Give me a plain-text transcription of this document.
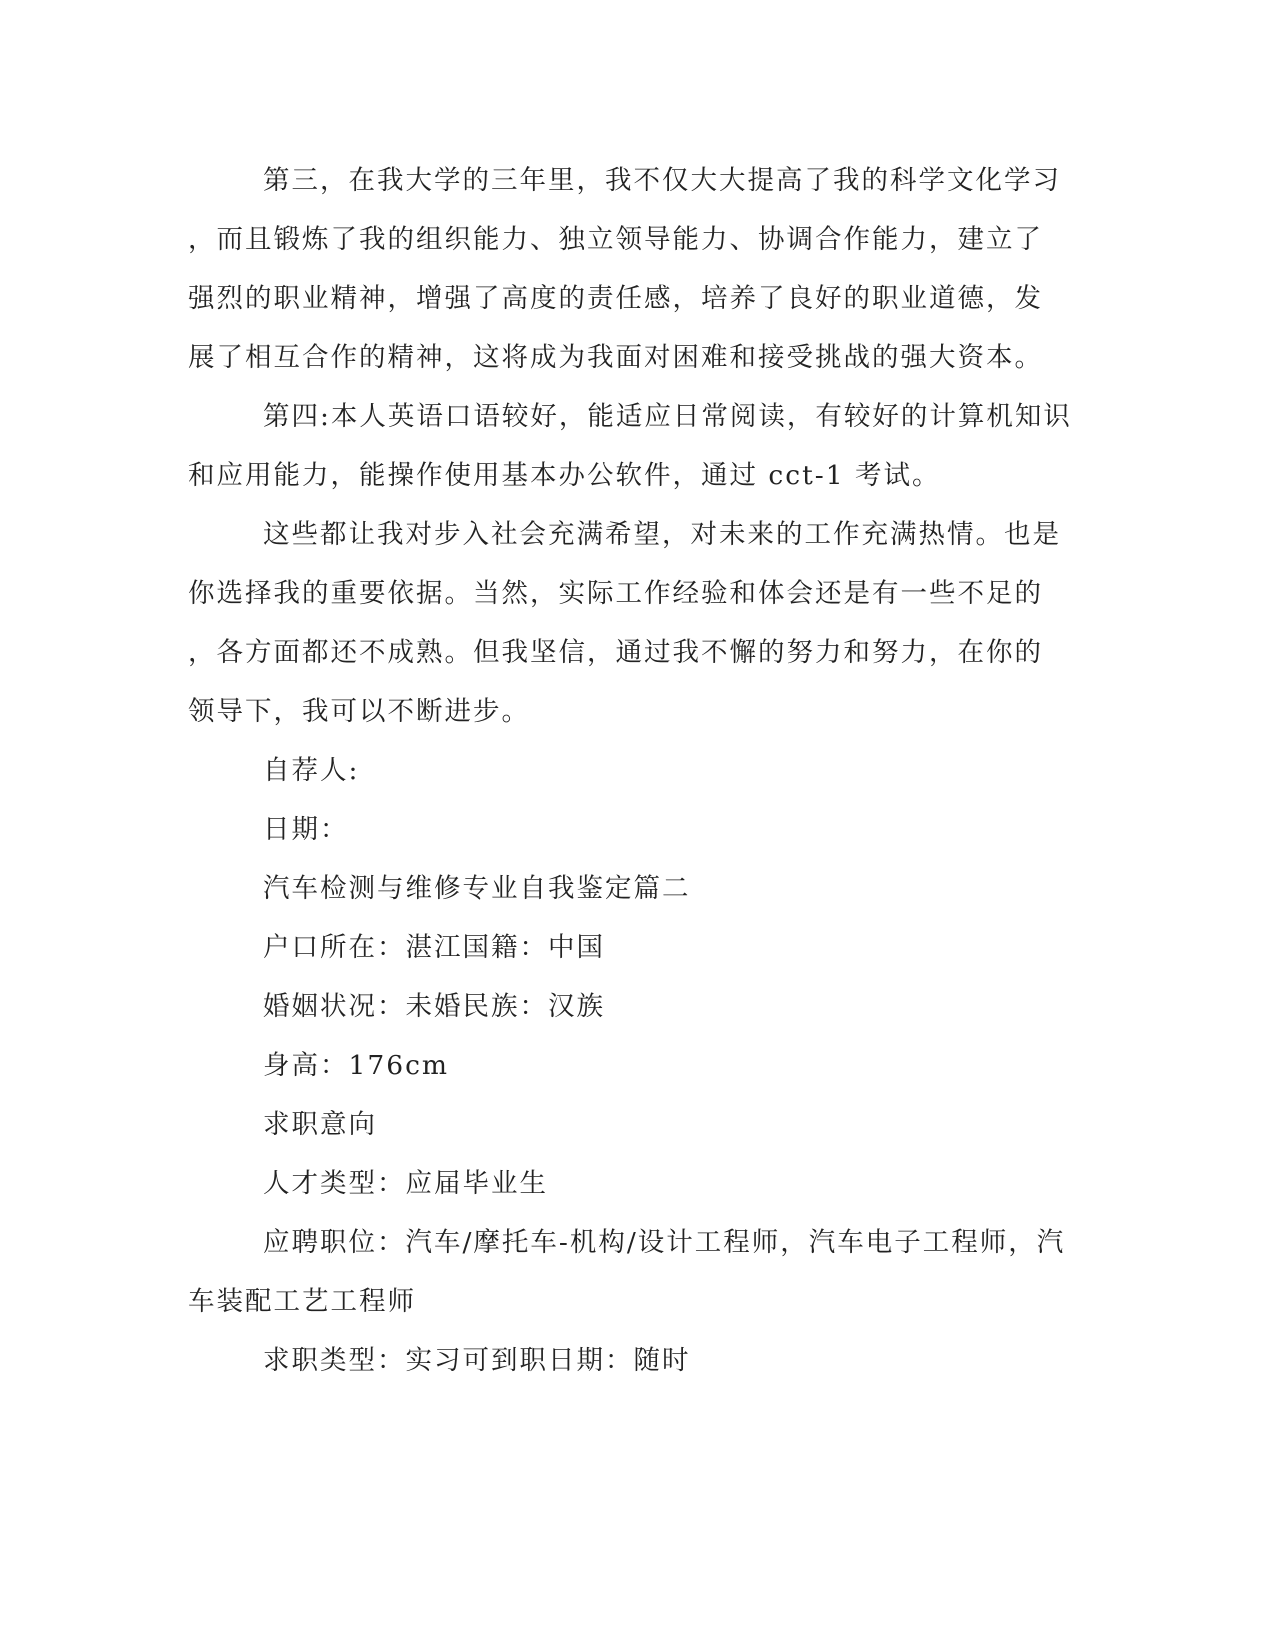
第三，在我大学的三年里，我不仅大大提高了我的科学文化学习
，而且锻炼了我的组织能力、独立领导能力、协调合作能力，建立了
强烈的职业精神，增强了高度的责任感，培养了良好的职业道德，发
展了相互合作的精神，这将成为我面对困难和接受挑战的强大资本。
第四:本人英语口语较好，能适应日常阅读，有较好的计算机知识
和应用能力，能操作使用基本办公软件，通过 cct-1 考试。
这些都让我对步入社会充满希望，对未来的工作充满热情。也是
你选择我的重要依据。当然，实际工作经验和体会还是有一些不足的
，各方面都还不成熟。但我坚信，通过我不懈的努力和努力，在你的
领导下，我可以不断进步。
自荐人:
日期：
汽车检测与维修专业自我鉴定篇二
户口所在：湛江国籍：中国
婚姻状况：未婚民族：汉族
身高：176cm
求职意向
人才类型：应届毕业生
应聘职位：汽车/摩托车-机构/设计工程师，汽车电子工程师，汽
车装配工艺工程师
求职类型：实习可到职日期：随时
